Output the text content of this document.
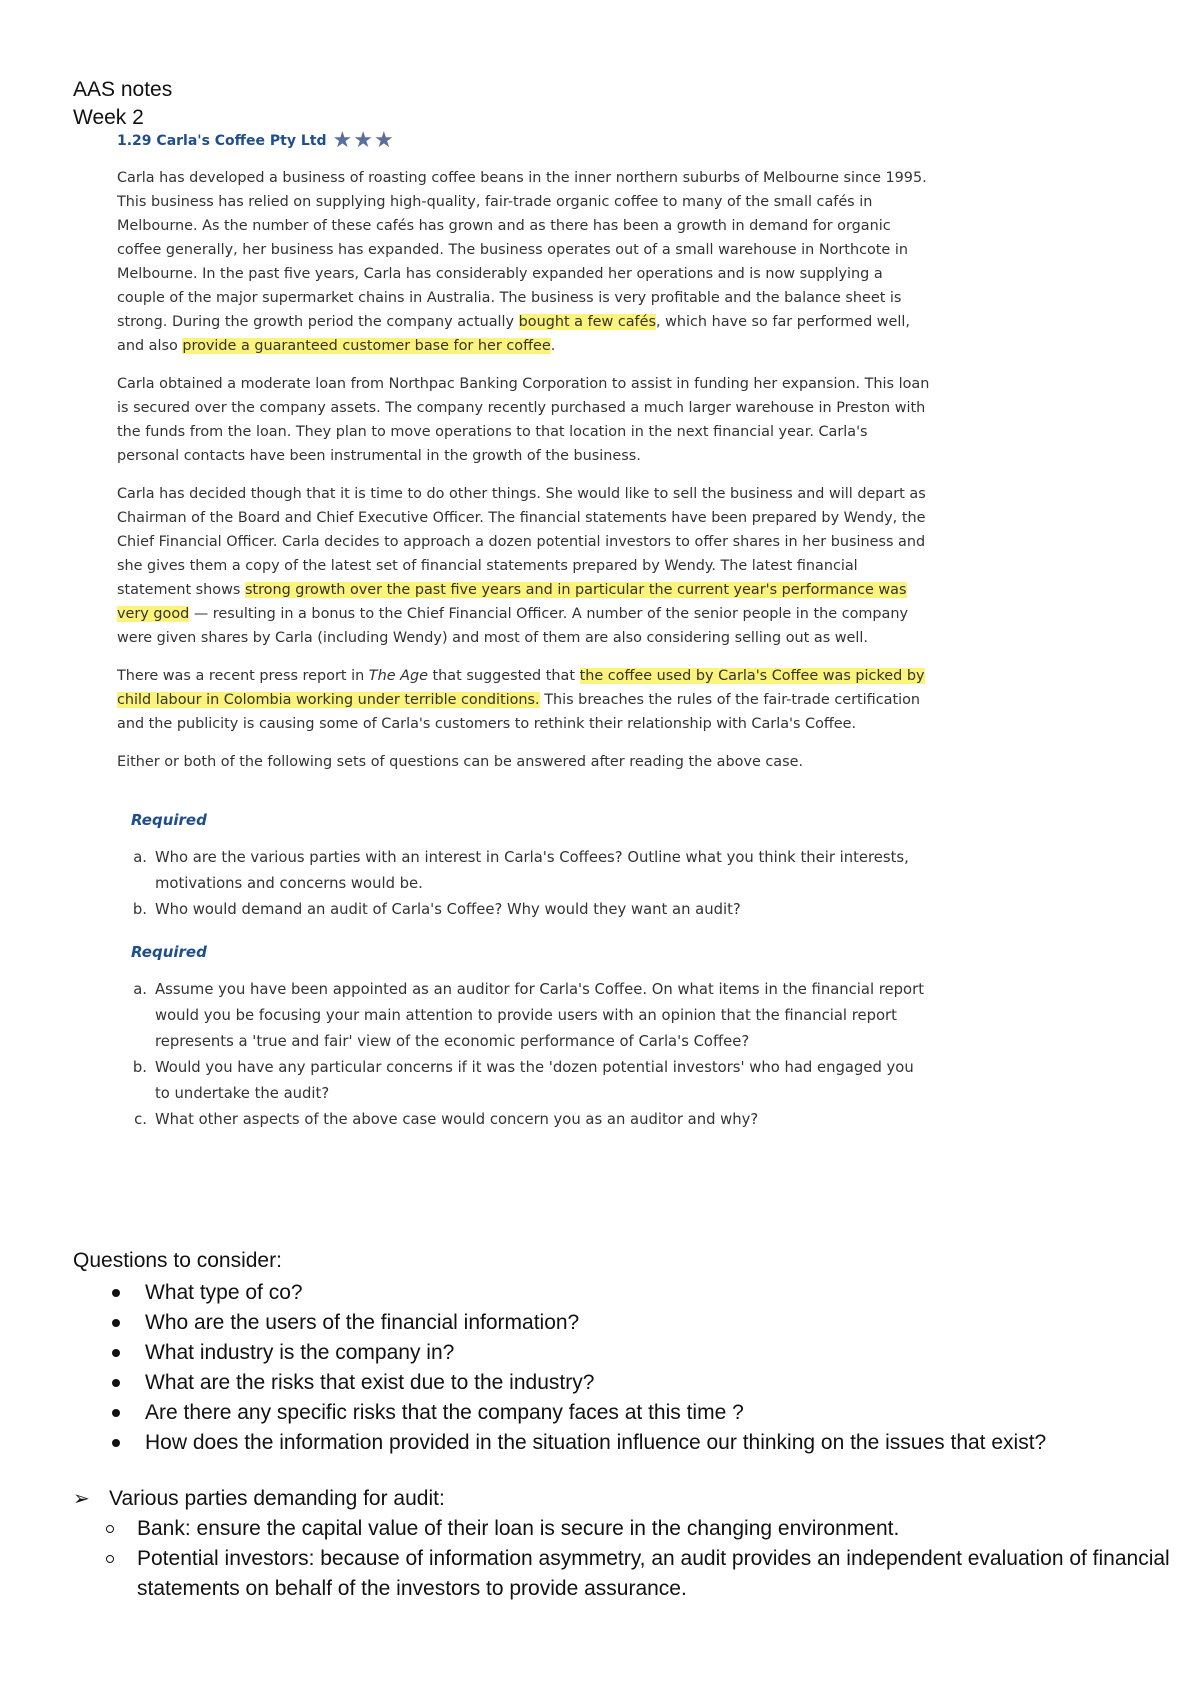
AAS notes
Week 2
1.29 Carla's Coffee Pty Ltd ★ ★ ★

Carla has developed a business of roasting coffee beans in the inner northern suburbs of Melbourne since 1995. This business has relied on supplying high-quality, fair-trade organic coffee to many of the small cafés in Melbourne. As the number of these cafés has grown and as there has been a growth in demand for organic coffee generally, her business has expanded. The business operates out of a small warehouse in Northcote in Melbourne. In the past five years, Carla has considerably expanded her operations and is now supplying a couple of the major supermarket chains in Australia. The business is very profitable and the balance sheet is strong. During the growth period the company actually bought a few cafés, which have so far performed well, and also provide a guaranteed customer base for her coffee.

Carla obtained a moderate loan from Northpac Banking Corporation to assist in funding her expansion. This loan is secured over the company assets. The company recently purchased a much larger warehouse in Preston with the funds from the loan. They plan to move operations to that location in the next financial year. Carla's personal contacts have been instrumental in the growth of the business.

Carla has decided though that it is time to do other things. She would like to sell the business and will depart as Chairman of the Board and Chief Executive Officer. The financial statements have been prepared by Wendy, the Chief Financial Officer. Carla decides to approach a dozen potential investors to offer shares in her business and she gives them a copy of the latest set of financial statements prepared by Wendy. The latest financial statement shows strong growth over the past five years and in particular the current year's performance was very good — resulting in a bonus to the Chief Financial Officer. A number of the senior people in the company were given shares by Carla (including Wendy) and most of them are also considering selling out as well.

There was a recent press report in The Age that suggested that the coffee used by Carla's Coffee was picked by child labour in Colombia working under terrible conditions. This breaches the rules of the fair-trade certification and the publicity is causing some of Carla's customers to rethink their relationship with Carla's Coffee.

Either or both of the following sets of questions can be answered after reading the above case.

Required
a. Who are the various parties with an interest in Carla's Coffees? Outline what you think their interests, motivations and concerns would be.
b. Who would demand an audit of Carla's Coffee? Why would they want an audit?
Required
a. Assume you have been appointed as an auditor for Carla's Coffee. On what items in the financial report would you be focusing your main attention to provide users with an opinion that the financial report represents a 'true and fair' view of the economic performance of Carla's Coffee?
b. Would you have any particular concerns if it was the 'dozen potential investors' who had engaged you to undertake the audit?
c. What other aspects of the above case would concern you as an auditor and why?
Questions to consider:
What type of co?
Who are the users of the financial information?
What industry is the company in?
What are the risks that exist due to the industry?
Are there any specific risks that the company faces at this time ?
How does the information provided in the situation influence our thinking on the issues that exist?
➢ Various parties demanding for audit:
Bank: ensure the capital value of their loan is secure in the changing environment.
Potential investors: because of information asymmetry, an audit provides an independent evaluation of financial statements on behalf of the investors to provide assurance.
